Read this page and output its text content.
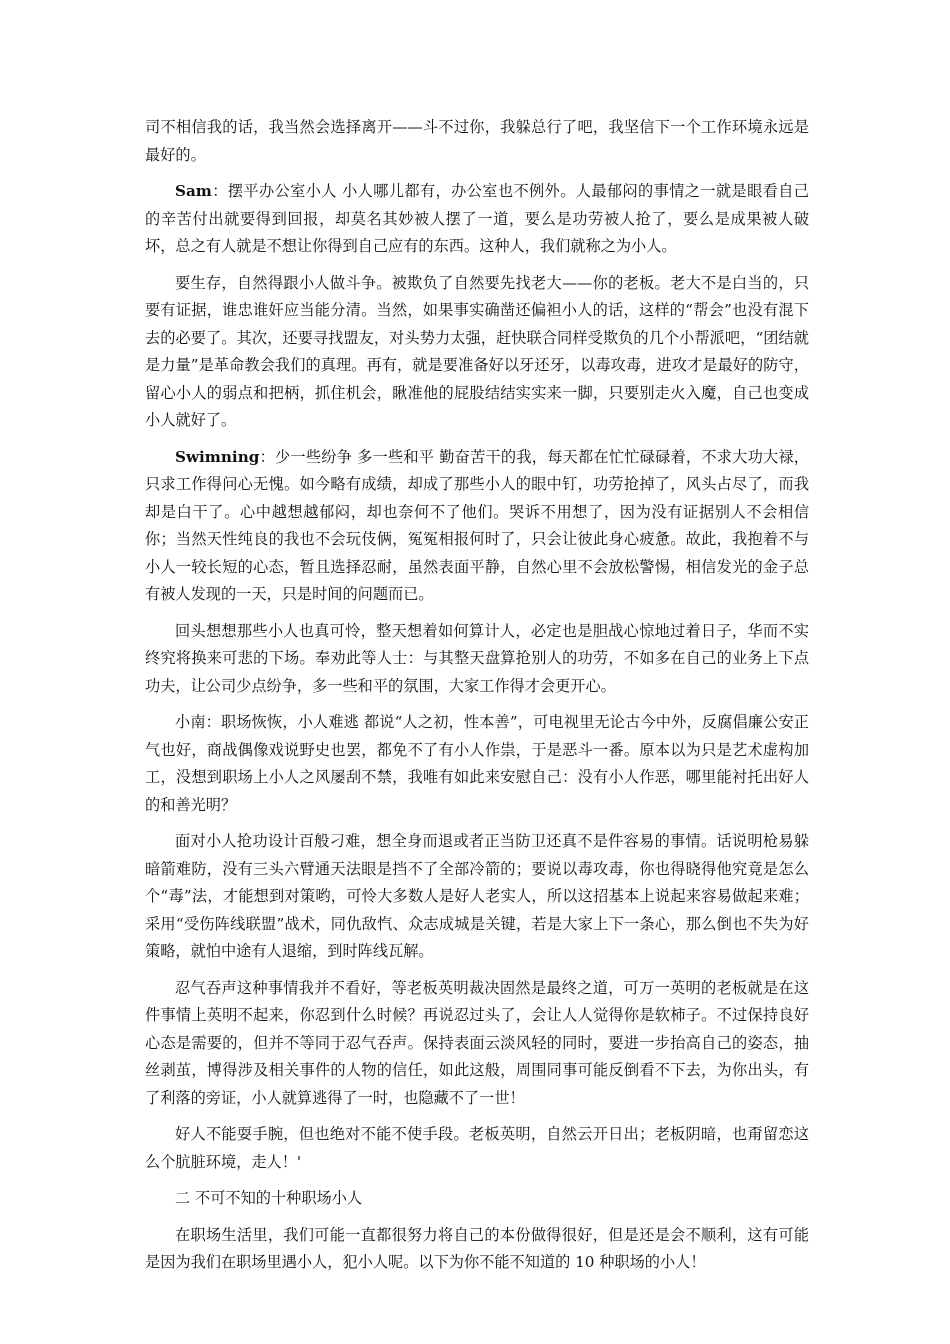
司不相信我的话，我当然会选择离开——斗不过你，我躲总行了吧，我坚信下一个工作环境永远是最好的。

Sam：摆平办公室小人 小人哪儿都有，办公室也不例外。人最郁闷的事情之一就是眼看自己的辛苦付出就要得到回报，却莫名其妙被人摆了一道，要么是功劳被人抢了，要么是成果被人破坏，总之有人就是不想让你得到自己应有的东西。这种人，我们就称之为小人。

要生存，自然得跟小人做斗争。被欺负了自然要先找老大——你的老板。老大不是白当的，只要有证据，谁忠谁奸应当能分清。当然，如果事实确凿还偏袒小人的话，这样的“帮会”也没有混下去的必要了。其次，还要寻找盟友，对头势力太强，赶快联合同样受欺负的几个小帮派吧，“团结就是力量”是革命教会我们的真理。再有，就是要准备好以牙还牙，以毒攻毒，进攻才是最好的防守，留心小人的弱点和把柄，抓住机会，瞅准他的屁股结结实实来一脚，只要别走火入魔，自己也变成小人就好了。

Swimning：少一些纷争 多一些和平 勤奋苦干的我，每天都在忙忙碌碌着，不求大功大禄，只求工作得问心无愧。如今略有成绩，却成了那些小人的眼中钉，功劳抢掉了，风头占尽了，而我却是白干了。心中越想越郁闷，却也奈何不了他们。哭诉不用想了，因为没有证据别人不会相信你；当然天性纯良的我也不会玩伎俩，冤冤相报何时了，只会让彼此身心疲惫。故此，我抱着不与小人一较长短的心态，暂且选择忍耐，虽然表面平静，自然心里不会放松警惕，相信发光的金子总有被人发现的一天，只是时间的问题而已。

回头想想那些小人也真可怜，整天想着如何算计人，必定也是胆战心惊地过着日子，华而不实终究将换来可悲的下场。奉劝此等人士：与其整天盘算抢别人的功劳，不如多在自己的业务上下点功夫，让公司少点纷争，多一些和平的氛围，大家工作得才会更开心。

小南：职场恢恢，小人难逃 都说“人之初，性本善”，可电视里无论古今中外，反腐倡廉公安正气也好，商战偶像戏说野史也罢，都免不了有小人作祟，于是恶斗一番。原本以为只是艺术虚构加工，没想到职场上小人之风屡刮不禁，我唯有如此来安慰自己：没有小人作恶，哪里能衬托出好人的和善光明？

面对小人抢功设计百般刁难，想全身而退或者正当防卫还真不是件容易的事情。话说明枪易躲暗箭难防，没有三头六臂通天法眼是挡不了全部冷箭的；要说以毒攻毒，你也得晓得他究竟是怎么个“毒”法，才能想到对策哟，可怜大多数人是好人老实人，所以这招基本上说起来容易做起来难；采用“受伤阵线联盟”战术，同仇敌忾、众志成城是关键，若是大家上下一条心，那么倒也不失为好策略，就怕中途有人退缩，到时阵线瓦解。

忍气吞声这种事情我并不看好，等老板英明裁决固然是最终之道，可万一英明的老板就是在这件事情上英明不起来，你忍到什么时候？再说忍过头了，会让人人觉得你是软柿子。不过保持良好心态是需要的，但并不等同于忍气吞声。保持表面云淡风轻的同时，要进一步抬高自己的姿态，抽丝剥茧，博得涉及相关事件的人物的信任，如此这般，周围同事可能反倒看不下去，为你出头，有了利落的旁证，小人就算逃得了一时，也隐藏不了一世！

好人不能耍手腕，但也绝对不能不使手段。老板英明，自然云开日出；老板阴暗，也甭留恋这么个肮脏环境，走人！'

二 不可不知的十种职场小人

在职场生活里，我们可能一直都很努力将自己的本份做得很好，但是还是会不顺利，这有可能是因为我们在职场里遇小人，犯小人呢。以下为你不能不知道的 10 种职场的小人！
